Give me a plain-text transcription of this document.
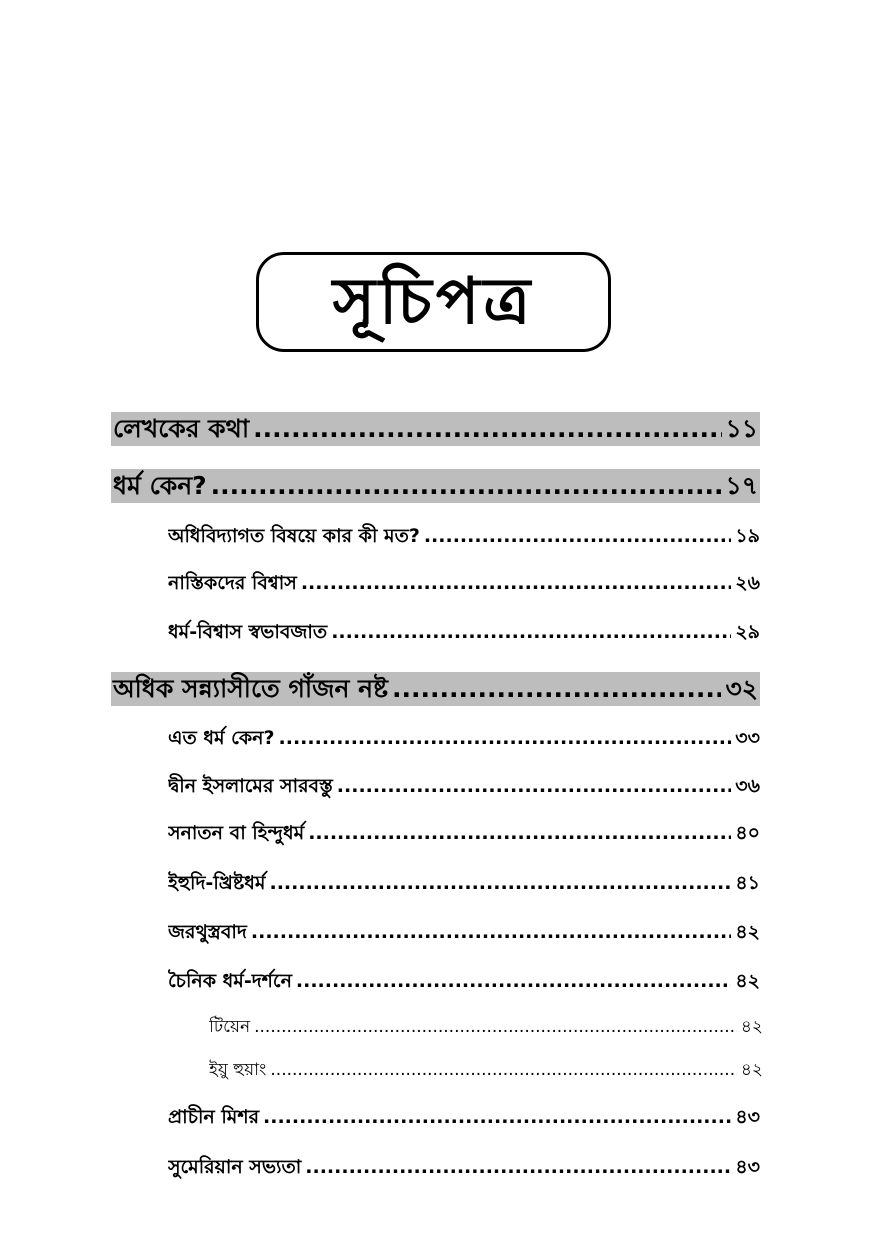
সূচিপত্র
লেখকের কথা .....	১১
ধর্ম কেন? .....	১৭
অধিবিদ্যাগত বিষয়ে কার কী মত? .....	১৯
নাস্তিকদের বিশ্বাস .....	২৬
ধর্ম-বিশ্বাস স্বভাবজাত .....	২৯
অধিক সন্ন্যাসীতে গাঁজন নষ্ট .....	৩২
এত ধর্ম কেন? .....	৩৩
দ্বীন ইসলামের সারবস্তু .....	৩৬
সনাতন বা হিন্দুধর্ম .....	৪০
ইহুদি-খ্রিষ্টধর্ম .....	৪১
জরথুস্ত্রবাদ .....	৪২
চৈনিক ধর্ম-দর্শনে .....	৪২
টিয়েন .....	৪২
ইয়ু হুয়াং .....	৪২
প্রাচীন মিশর .....	৪৩
সুমেরিয়ান সভ্যতা .....	৪৩
